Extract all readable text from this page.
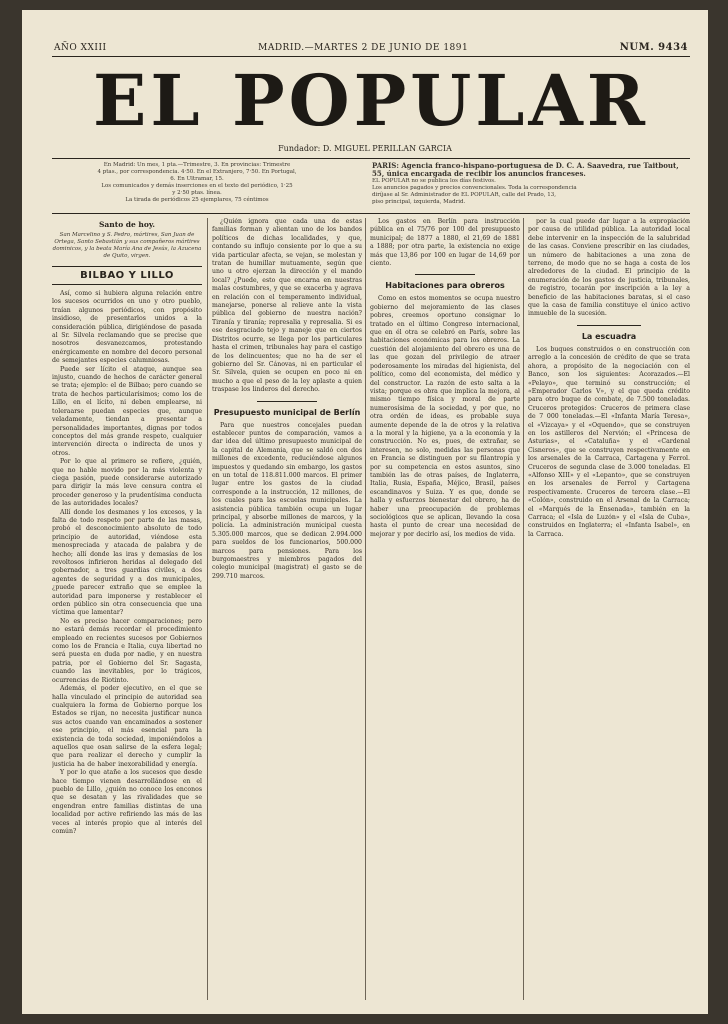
AÑO XXIII	MADRID.—MARTES 2 DE JUNIO DE 1891	NUM. 9434
EL POPULAR
Fundador: D. MIGUEL PERILLAN GARCIA
En Madrid: Un mes, 1 pta.—Trimestre, 3. En provincias: Trimestre
4 ptas., por correspondencia. 4·50. En el Extranjero, 7·50. En Portugal,
6. En Ultramar, 15.
Los comunicados y demás inserciones en el texto del periódico, 1·25
y 2·50 ptas. línea.
La tirada de periódicos 25 ejemplares, 75 céntimos
PARIS: Agencia franco-hispano-portuguesa de D. C. A. Saavedra, rue Taitbout, 55, única encargada de recibir los anuncios franceses.
EL POPULAR no se publica los días festivos.
Los anuncios pagados y precios convencionales. Toda la correspondencia
diríjase al Sr. Administrador de EL POPULAR, calle del Prado, 13,
piso principal, izquierda, Madrid.
Santo de hoy.
San Marcelino y S. Pedro, mártires, San Juan de Ortega, Santo Sebastián y sus compañeros mártires dominicos, y la beata María Ana de Jesús, la Azucena de Quito, virgen.
BILBAO Y LILLO

Así, como si hubiera alguna relación entre los sucesos ocurridos en uno y otro pueblo, traían algunos periódicos, con propósito insidioso, de presentarlos unidos a la consideración pública, dirigiéndose de pasada al Sr. Silvela reclamando que se precise que nosotros desvanezcamos, protestando enérgicamente en nombre del decoro personal de semejantes especies calumniosas.

Puede ser lícito el ataque, aunque sea injusto, cuando de hechos de carácter general se trata; ejemplo: el de Bilbao; pero cuando se trata de hechos particularísimos; como los de Lillo, en el lícito, ni deben emplearse, ni toleraarse puedan especies que, aunque veladamente, tiendan a presentar a personalidades importantes, dignas por todos conceptos del más grande respeto, cualquier intervención directa o indirecta de unos y otros.

Por lo que al primero se refiere, ¿quién, que no hable movido por la más violenta y ciega pasión, puede considerarse autorizado para dirigir la más leve censura contra el proceder generoso y la prudentísima conducta de las autoridades locales?

Allí donde los desmanes y los excesos, y la falta de todo respeto por parte de las masas, probó el desconocimiento absoluto de todo principio de autoridad, viéndose esta menospreciada y atacada de palabra y de hecho; allí donde las iras y demasías de los revoltosos infirieron heridas al delegado del gobernador, a tres guardias civiles, a dos agentes de seguridad y a dos municipales, ¿puede parecer extraño que se emplee la autoridad para imponerse y restablecer el orden público sin otra consecuencia que una víctima que lamentar?

No es preciso hacer comparaciones; pero no estará demás recordar el procedimiento empleado en recientes sucesos por Gobiernos como los de Francia e Italia, cuya libertad no será puesta en duda por nadie, y en nuestra patria, por el Gobierno del Sr. Sagasta, cuando las inevitables, por lo trágicos, ocurrencias de Riotinto.

Además, el poder ejecutivo, en el que se halla vinculado el principio de autoridad sea cualquiera la forma de Gobierno porque los Estados se rijan, no necesita justificar nunca sus actos cuando van encaminados a sostener ese principio, el más esencial para la existencia de toda sociedad, imponiéndolos a aquellos que osan salirse de la esfera legal; que para realizar el derecho y cumplir la justicia ha de haber inexorabilidad y energía.

Y por lo que atañe a los sucesos que desde hace tiempo vienen desarrollándose en el pueblo de Lillo, ¿quién no conoce los enconos que se desatan y las rivalidades que se engendran entre familias distintas de una localidad por active refiriendo las más de las veces al interés propio que al interés del común?

¿Quién ignora que cada una de estas familias forman y alientan uno de los bandos políticos de dichas localidades, y que, contando su influjo consiente por lo que a su vida particular afecta, se vejan, se molestan y tratan de humillar mutuamente, según que uno u otro ejerzan la dirección y el mando local? ¿Puede, esto que encarna en nuestras malas costumbres, y que se exacerba y agrava en relación con el temperamento individual, manejarse, ponerse al relieve ante la vista pública del gobierno de nuestra nación? Tiranía y tiranía; represalia y represalia. Si es ese desgraciado tejo y maneje que en ciertos Distritos ocurre, se llega por los particulares hasta el crimen, tribunales hay para el castigo de los delincuentes; que no ha de ser el gobierno del Sr. Cánovas, ni en particular el Sr. Silvela, quien se ocupen en poco ni en mucho a que el peso de la ley aplaste a quien traspase los linderos del derecho.

Presupuesto municipal de Berlín

Para que nuestros concejales puedan establecer puntos de comparación, vamos a dar idea del último presupuesto municipal de la capital de Alemania, que se saldó con dos millones de excedente, reduciéndose algunos impuestos y quedando sin embargo, los gastos en un total de 118.811.000 marcos. El primer lugar entre los gastos de la ciudad corresponde a la instrucción, 12 millones, de los cuales para las escuelas municipales. La asistencia pública también ocupa un lugar principal, y absorbe millones de marcos, y la policía. La administración municipal cuesta 5.305.000 marcos, que se dedican 2.994.000 para sueldos de los funcionarios, 500.000 marcos para pensiones. Para los burgomaestres y miembros pagados del colegio municipal (magistrat) el gasto se de 299.710 marcos.

Los gastos en Berlín para instrucción pública en el 75/76 por 100 del presupuesto municipal; de 1877 a 1880, el 21,69 de 1881 a 1888; por otra parte, la existencia no exige más que 13,86 por 100 en lugar de 14,69 por ciento.

Habitaciones para obreros

Como en estos momentos se ocupa nuestro gobierno del mejoramiento de las clases pobres, creemos oportuno consignar lo tratado en el último Congreso internacional, que en él otra se celebró en París, sobre las habitaciones económicas para los obreros. La cuestión del alojamiento del obrero es una de las que gozan del privilegio de atraer poderosamente los miradas del higienista, del político, como del economista, del médico y del constructor. La razón de esto salta a la vista; porque es obra que implica la mejora, al mismo tiempo física y moral de parte numerosísima de la sociedad, y por que, no otra ordén de ideas, es probable suya aumente depende de la de otros y la relativa a la moral y la higiene, ya a la economía y la construcción. No es, pues, de extrañar, se interesen, no solo, medidas las personas que en Francia se distinguen por su filantropía y por su competencia en estos asuntos, sino también las de otras países, de Inglaterra, Italia, Rusia, España, Méjico, Brasil, países escandinavos y Suiza. Y es que, donde se halla y esfuerzos bienestar del obrero, ha de haber una preocupación de problemas sociológicos que se aplican, llevando la cosa hasta el punto de crear una necesidad de mejorar y por decirlo así, los medios de vida.

por la cual puede dar lugar a la expropiación por causa de utilidad pública. La autoridad local debe intervenir en la inspección de la salubridad de las casas. Conviene prescribir en las ciudades, un número de habitaciones a una zona de terreno, de modo que no se haga a costa de los alrededores de la ciudad. El principio de la enumeración de los gastos de justicia, tribunales, de registro, tocarán por inscripción a la ley a beneficio de las habitaciones baratas, si el caso que la casa de familia constituye el único activo inmueble de la sucesión.

La escuadra

Los buques construidos o en construcción con arreglo a la concesión de crédito de que se trata ahora, a propósito de la negociación con el Banco, son los siguientes: Acorazados.—El «Pelayo», que terminó su construcción; el «Emperador Carlos V», y el que queda crédito para otro buque de combate, de 7.500 toneladas. Cruceros protegidos: Cruceros de primera clase de 7 000 toneladas.—El «Infanta María Teresa», el «Vizcaya» y el «Oquendo», que se construyen en los astilleros del Nervión; el «Princesa de Asturias», el «Cataluña» y el «Cardenal Cisneros», que se construyen respectivamente en los arsenales de la Carraca, Cartagena y Ferrol. Cruceros de segunda clase de 3.000 toneladas. El «Alfonso XIII» y el «Lepanto», que se construyen en los arsenales de Ferrol y Cartagena respectivamente. Cruceros de tercera clase.—El «Colón», construido en el Arsenal de la Carraca; el «Marqués de la Ensenada», también en la Carraca; el «Isla de Luzón» y el «Isla de Cuba», construidos en Inglaterra; el «Infanta Isabel», en la Carraca.
